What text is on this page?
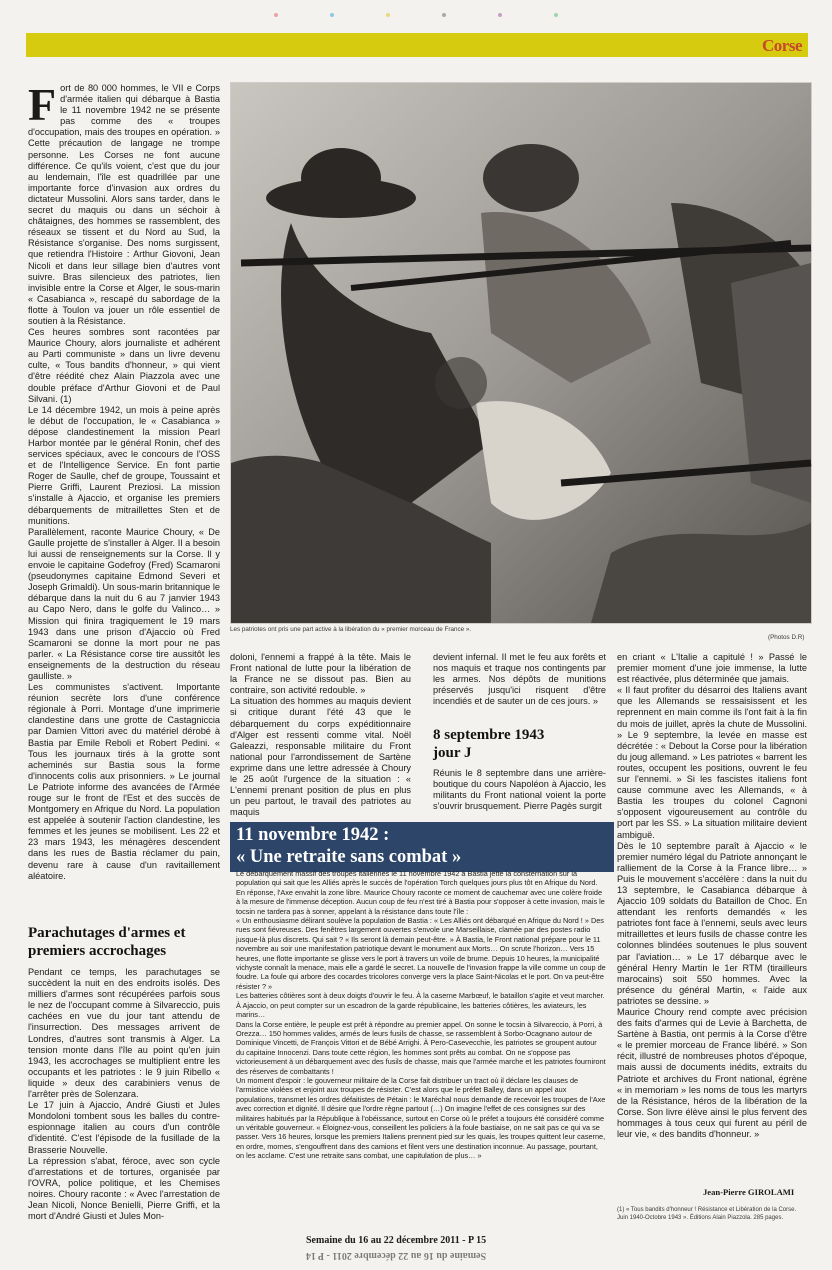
Corse
F ort de 80 000 hommes, le VII e Corps d'armée italien qui débarque à Bastia le 11 novembre 1942 ne se présente pas comme des « troupes d'occupation, mais des troupes en opération. » Cette précaution de langage ne trompe personne. Les Corses ne font aucune différence. Ce qu'ils voient, c'est que du jour au lendemain, l'île est quadrillée par une importante force d'invasion aux ordres du dictateur Mussolini. Alors sans tarder, dans le secret du maquis ou dans un séchoir à châtaignes, des hommes se rassemblent, des réseaux se tissent et du Nord au Sud, la Résistance s'organise. Des noms surgissent, que retiendra l'Histoire : Arthur Giovoni, Jean Nicoli et dans leur sillage bien d'autres vont suivre. Bras silencieux des patriotes, lien invisible entre la Corse et Alger, le sous-marin « Casabianca », rescapé du sabordage de la flotte à Toulon va jouer un rôle essentiel de soutien à la Résistance.
Ces heures sombres sont racontées par Maurice Choury, alors journaliste et adhérent au Parti communiste » dans un livre devenu culte, « Tous bandits d'honneur, » qui vient d'être réédité chez Alain Piazzola avec une double préface d'Arthur Giovoni et de Paul Silvani. (1)
Le 14 décembre 1942, un mois à peine après le début de l'occupation, le « Casabianca » dépose clandestinement la mission Pearl Harbor montée par le général Ronin, chef des services spéciaux, avec le concours de l'OSS et de l'Intelligence Service. En font partie Roger de Saulle, chef de groupe, Toussaint et Pierre Griffi, Laurent Preziosi. La mission s'installe à Ajaccio, et organise les premiers débarquements de mitraillettes Sten et de munitions.
Parallèlement, raconte Maurice Choury, « De Gaulle projette de s'installer à Alger. Il a besoin lui aussi de renseignements sur la Corse. Il y envoie le capitaine Godefroy (Fred) Scamaroni (pseudonymes capitaine Edmond Severi et Joseph Grimaldi). Un sous-marin britannique le débarque dans la nuit du 6 au 7 janvier 1943 au Capo Nero, dans le golfe du Valinco… » Mission qui finira tragiquement le 19 mars 1943 dans une prison d'Ajaccio où Fred Scamaroni se donne la mort pour ne pas parler. « La Résistance corse tire aussitôt les enseignements de la destruction du réseau gaulliste. »
Les communistes s'activent. Importante réunion secrète lors d'une conférence régionale à Porri. Montage d'une imprimerie clandestine dans une grotte de Castagniccia par Damien Vittori avec du matériel dérobé à Bastia par Emile Reboli et Robert Pedini. « Tous les journaux tirés à la grotte sont acheminés sur Bastia sous la forme d'innocents colis aux prisonniers. » Le journal Le Patriote informe des avancées de l'Armée rouge sur le front de l'Est et des succès de Montgomery en Afrique du Nord. La population est appelée à soutenir l'action clandestine, les femmes et les jeunes se mobilisent. Les 22 et 23 mars 1943, les ménagères descendent dans les rues de Bastia réclamer du pain, devenu rare à cause d'un ravitaillement aléatoire.
Parachutages d'armes et premiers accrochages
Pendant ce temps, les parachutages se succèdent la nuit en des endroits isolés. Des milliers d'armes sont récupérées parfois sous le nez de l'occupant comme à Silvareccio, puis cachées en vue du jour tant attendu de l'insurrection. Des messages arrivent de Londres, d'autres sont transmis à Alger. La tension monte dans l'île au point qu'en juin 1943, les accrochages se multiplient entre les occupants et les patriotes : le 9 juin Ribello « liquide » deux des carabiniers venus de l'arrêter près de Solenzara.
Le 17 juin à Ajaccio, André Giusti et Jules Mondoloni tombent sous les balles du contre-espionnage italien au cours d'un contrôle d'identité. C'est l'épisode de la fusillade de la Brasserie Nouvelle.
La répression s'abat, féroce, avec son cycle d'arrestations et de tortures, organisée par l'OVRA, police politique, et les Chemises noires. Choury raconte : « Avec l'arrestation de Jean Nicoli, Nonce Benielli, Pierre Griffi, et la mort d'André Giusti et Jules Mon-
Les patriotes ont pris une part active à la libération du « premier morceau de France ».
(Photos D.R)
doloni, l'ennemi a frappé à la tête. Mais le Front national de lutte pour la libération de la France ne se dissout pas. Bien au contraire, son activité redouble. »
La situation des hommes au maquis devient si critique durant l'été 43 que le débarquement du corps expéditionnaire d'Alger est ressenti comme vital. Noël Galeazzi, responsable militaire du Front national pour l'arrondissement de Sartène exprime dans une lettre adressée à Choury le 25 août l'urgence de la situation : « L'ennemi prenant position de plus en plus un peu partout, le travail des patriotes au maquis
devient infernal. Il met le feu aux forêts et nos maquis et traque nos contingents par les armes. Nos dépôts de munitions préservés jusqu'ici risquent d'être incendiés et de sauter un de ces jours. »
8 septembre 1943 jour J
Réunis le 8 septembre dans une arrière-boutique du cours Napoléon à Ajaccio, les militants du Front national voient la porte s'ouvrir brusquement. Pierre Pagès surgit
en criant « L'Italie a capitulé ! » Passé le premier moment d'une joie immense, la lutte est réactivée, plus déterminée que jamais.
« Il faut profiter du désarroi des Italiens avant que les Allemands se ressaisissent et les reprennent en main comme ils l'ont fait à la fin du mois de juillet, après la chute de Mussolini. » Le 9 septembre, la levée en masse est décrétée : « Debout la Corse pour la libération du joug allemand. » Les patriotes « barrent les routes, occupent les positions, ouvrent le feu sur l'ennemi. » Si les fascistes italiens font cause commune avec les Allemands, « à Bastia les troupes du colonel Cagnoni s'opposent vigoureusement au contrôle du port par les SS. » La situation militaire devient ambiguë.
Dès le 10 septembre paraît à Ajaccio « le premier numéro légal du Patriote annonçant le ralliement de la Corse à la France libre… » Puis le mouvement s'accélère : dans la nuit du 13 septembre, le Casabianca débarque à Ajaccio 109 soldats du Bataillon de Choc. En attendant les renforts demandés « les patriotes font face à l'ennemi, seuls avec leurs mitraillettes et leurs fusils de chasse contre les colonnes blindées soutenues le plus souvent par l'aviation… » Le 17 débarque avec le général Henry Martin le 1er RTM (tirailleurs marocains) soit 550 hommes. Avec la présence du général Martin, « l'aide aux patriotes se dessine. »
Maurice Choury rend compte avec précision des faits d'armes qui de Levie à Barchetta, de Sartène à Bastia, ont permis à la Corse d'être « le premier morceau de France libéré. » Son récit, illustré de nombreuses photos d'époque, mais aussi de documents inédits, extraits du Patriote et archives du Front national, égrène « in memoriam » les noms de tous les martyrs de la Résistance, héros de la libération de la Corse. Son livre élève ainsi le plus fervent des hommages à tous ceux qui furent au péril de leur vie, « des bandits d'honneur. »
11 novembre 1942 :
« Une retraite sans combat »
Le débarquement massif des troupes italiennes le 11 novembre 1942 à Bastia jette la consternation sur la population qui sait que les Alliés après le succès de l'opération Torch quelques jours plus tôt en Afrique du Nord. En réponse, l'Axe envahit la zone libre. Maurice Choury raconte ce moment de cauchemar avec une colère froide à la mesure de l'immense déception. Aucun coup de feu n'est tiré à Bastia pour s'opposer à cette invasion, mais le tocsin ne tardera pas à sonner, appelant à la résistance dans toute l'île :
« Un enthousiasme délirant soulève la population de Bastia : « Les Alliés ont débarqué en Afrique du Nord ! » Des rues sont fiévreuses. Des fenêtres largement ouvertes s'envole une Marseillaise, clamée par des postes radio jusque-là plus discrets. Qui sait ? « Ils seront là demain peut-être. » À Bastia, le Front national prépare pour le 11 novembre au soir une manifestation patriotique devant le monument aux Morts… On scrute l'horizon… Vers 15 heures, une flotte importante se glisse vers le port à travers un voile de brume. Depuis 10 heures, la municipalité vichyste connaît la menace, mais elle a gardé le secret. La nouvelle de l'invasion frappe la ville comme un coup de foudre. La foule qui arbore des cocardes tricolores converge vers la place Saint-Nicolas et le port. On va peut-être résister ? »
Les batteries côtières sont à deux doigts d'ouvrir le feu. À la caserne Marbœuf, le bataillon s'agite et veut marcher. À Ajaccio, on peut compter sur un escadron de la garde républicaine, les batteries côtières, les aviateurs, les marins…
Dans la Corse entière, le peuple est prêt à répondre au premier appel. On sonne le tocsin à Silvareccio, à Porri, à Orezza… 150 hommes valides, armés de leurs fusils de chasse, se rassemblent à Sorbo-Ocagnano autour de Dominique Vincetti, de François Vittori et de Bébé Arrighi. À Pero-Casevecchie, les patriotes se groupent autour du capitaine Innocenzi. Dans toute cette région, les hommes sont prêts au combat. On ne s'oppose pas victorieusement à un débarquement avec des fusils de chasse, mais que l'armée marche et les patriotes fourniront des réserves de combattants !
Un moment d'espoir : le gouverneur militaire de la Corse fait distribuer un tract où il déclare les clauses de l'armistice violées et enjoint aux troupes de résister. C'est alors que le préfet Balley, dans un appel aux populations, transmet les ordres défaitistes de Pétain : le Maréchal nous demande de recevoir les troupes de l'Axe avec correction et dignité. Il désire que l'ordre règne partout (…) On imagine l'effet de ces consignes sur des militaires habitués par la République à l'obéissance, surtout en Corse où le préfet a toujours été considéré comme un véritable gouverneur. « Éloignez-vous, conseillent les policiers à la foule bastiaise, on ne sait pas ce qui va se passer. Vers 16 heures, lorsque les premiers Italiens prennent pied sur les quais, les troupes quittent leur caserne, en ordre, mornes, s'engouffrent dans des camions et filent vers une destination inconnue. Au passage, pourtant, on les acclame. C'est une retraite sans combat, une capitulation de plus… »
Jean-Pierre GIROLAMI
(1) « Tous bandits d'honneur ! Résistance et Libération de la Corse. Juin 1940-Octobre 1943 ». Éditions Alain Piazzola. 285 pages.
Semaine du 16 au 22 décembre 2011 - P 15
Semaine du 16 au 22 décembre 2011 - P 14
